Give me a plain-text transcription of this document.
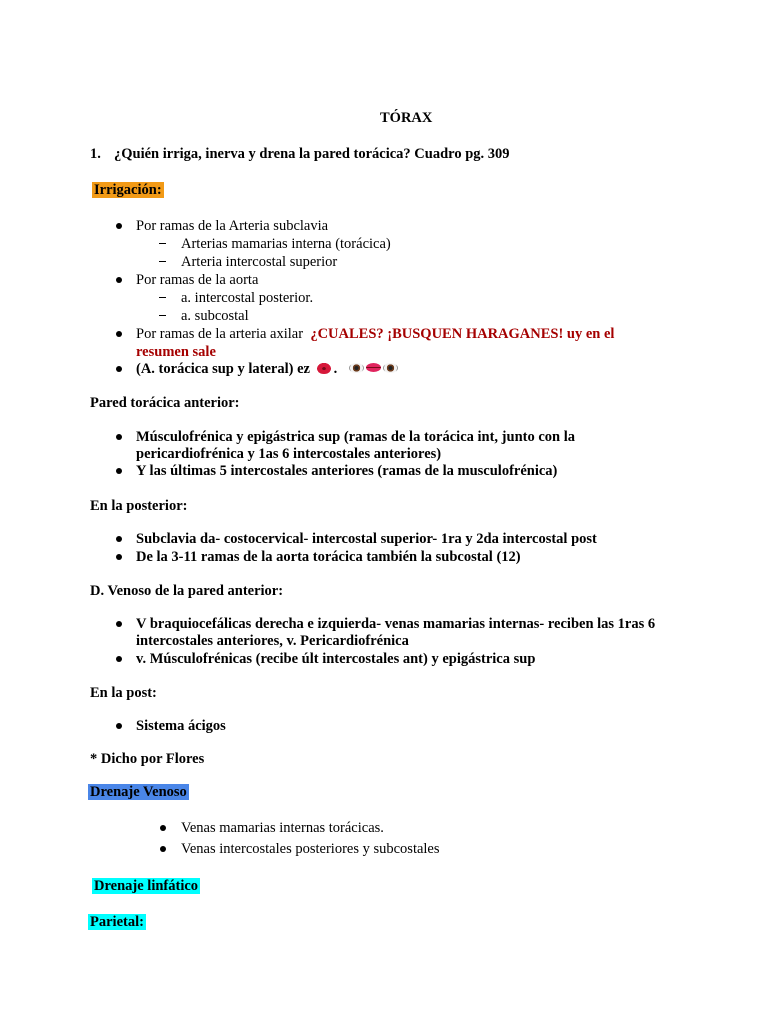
TÓRAX
1. ¿Quién irriga, inerva y drena la pared torácica? Cuadro pg. 309
Irrigación:
Por ramas de la Arteria subclavia
Arterias mamarias interna (torácica)
Arteria intercostal superior
Por ramas de la aorta
a. intercostal posterior.
a. subcostal
Por ramas de la arteria axilar ¿CUALES? ¡BUSQUEN HARAGANES! uy en el
resumen sale
(A. torácica sup y lateral) ez .
Pared torácica anterior:
Músculofrénica y epigástrica sup (ramas de la torácica int, junto con la
pericardiofrénica y 1as 6 intercostales anteriores)
Y las últimas 5 intercostales anteriores (ramas de la musculofrénica)
En la posterior:
Subclavia da- costocervical- intercostal superior- 1ra y 2da intercostal post
De la 3-11 ramas de la aorta torácica también la subcostal (12)
D. Venoso de la pared anterior:
V braquiocefálicas derecha e izquierda- venas mamarias internas- reciben las 1ras 6
intercostales anteriores, v. Pericardiofrénica
v. Músculofrénicas (recibe últ intercostales ant) y epigástrica sup
En la post:
Sistema ácigos
* Dicho por Flores
Drenaje Venoso
Venas mamarias internas torácicas.
Venas intercostales posteriores y subcostales
Drenaje linfático
Parietal:
